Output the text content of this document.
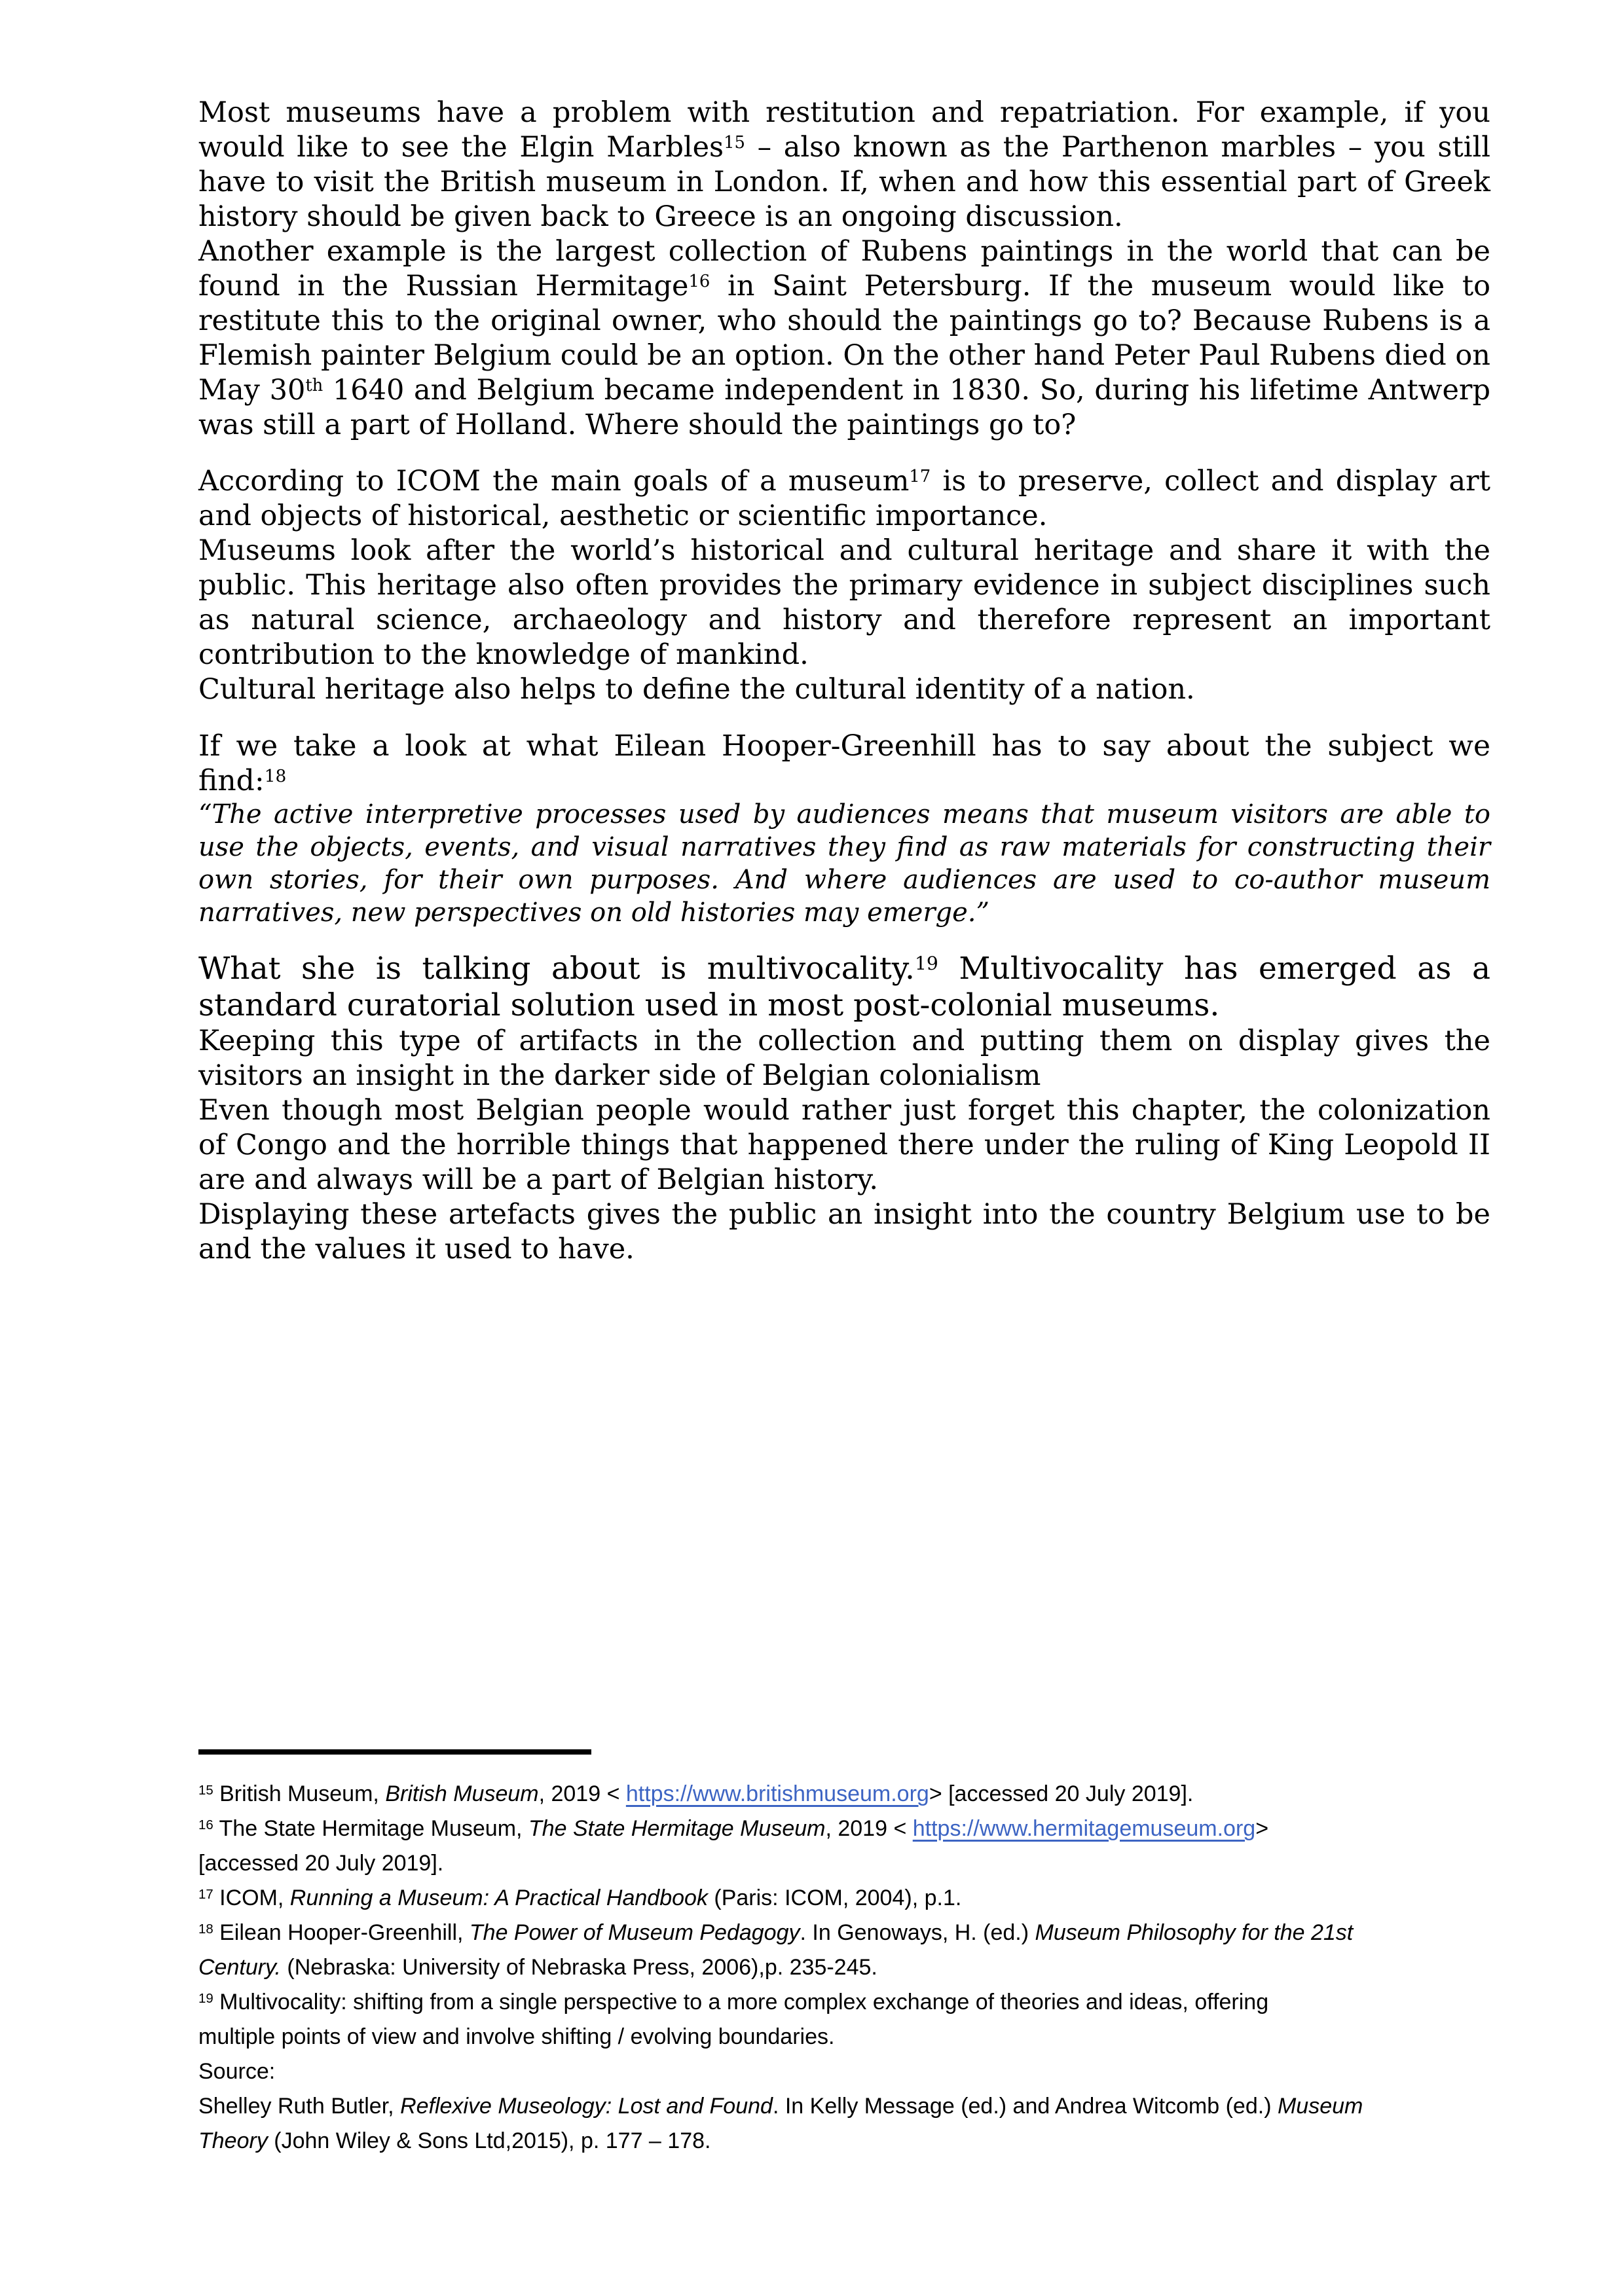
Most museums have a problem with restitution and repatriation. For example, if you would like to see the Elgin Marbles$^{15}$ – also known as the Parthenon marbles – you still have to visit the British museum in London. If, when and how this essential part of Greek history should be given back to Greece is an ongoing discussion.

Another example is the largest collection of Rubens paintings in the world that can be found in the Russian Hermitage$^{16}$ in Saint Petersburg. If the museum would like to restitute this to the original owner, who should the paintings go to? Because Rubens is a Flemish painter Belgium could be an option. On the other hand Peter Paul Rubens died on May 30th 1640 and Belgium became independent in 1830. So, during his lifetime Antwerp was still a part of Holland. Where should the paintings go to?

According to ICOM the main goals of a museum$^{17}$ is to preserve, collect and display art and objects of historical, aesthetic or scientific importance.

Museums look after the world’s historical and cultural heritage and share it with the public. This heritage also often provides the primary evidence in subject disciplines such as natural science, archaeology and history and therefore represent an important contribution to the knowledge of mankind.

Cultural heritage also helps to define the cultural identity of a nation.

If we take a look at what Eilean Hooper-Greenhill has to say about the subject we find:$^{18}$

“The active interpretive processes used by audiences means that museum visitors are able to use the objects, events, and visual narratives they find as raw materials for constructing their own stories, for their own purposes. And where audiences are used to co-author museum narratives, new perspectives on old histories may emerge.”

What she is talking about is multivocality.$^{19}$ Multivocality has emerged as a standard curatorial solution used in most post-colonial museums.

Keeping this type of artifacts in the collection and putting them on display gives the visitors an insight in the darker side of Belgian colonialism

Even though most Belgian people would rather just forget this chapter, the colonization of Congo and the horrible things that happened there under the ruling of King Leopold II are and always will be a part of Belgian history.

Displaying these artefacts gives the public an insight into the country Belgium use to be and the values it used to have.

$^{15}$ British Museum, British Museum, 2019 < https://www.britishmuseum.org> [accessed 20 July 2019].

$^{16}$ The State Hermitage Museum, The State Hermitage Museum, 2019 < https://www.hermitagemuseum.org>
[accessed 20 July 2019].

$^{17}$ ICOM, Running a Museum: A Practical Handbook (Paris: ICOM, 2004), p.1.

$^{18}$ Eilean Hooper-Greenhill, The Power of Museum Pedagogy. In Genoways, H. (ed.) Museum Philosophy for the 21st
Century. (Nebraska: University of Nebraska Press, 2006),p. 235-245.

$^{19}$ Multivocality: shifting from a single perspective to a more complex exchange of theories and ideas, offering
multiple points of view and involve shifting / evolving boundaries.

Source:

Shelley Ruth Butler, Reflexive Museology: Lost and Found. In Kelly Message (ed.) and Andrea Witcomb (ed.) Museum
Theory (John Wiley & Sons Ltd,2015), p. 177 – 178.
